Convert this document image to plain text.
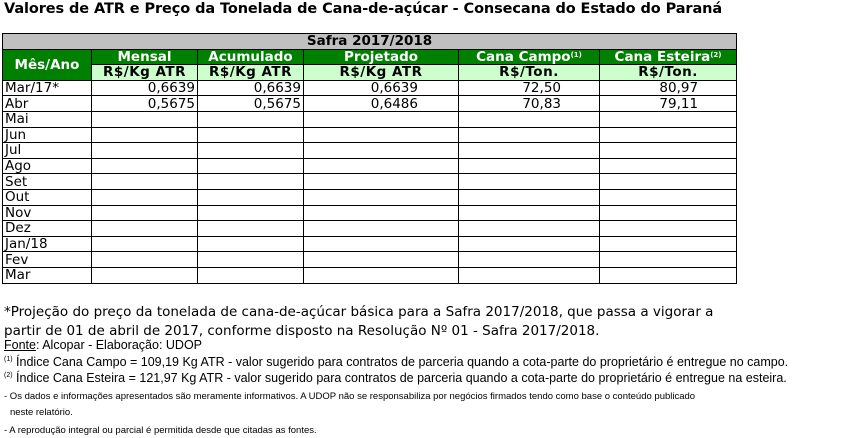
Valores de ATR e Preço da Tonelada de Cana-de-açúcar - Consecana do Estado do Paraná
Safra 2017/2018					
Mês/Ano	Mensal	Acumulado	Projetado	Cana Campo$^{(1)}$	Cana Esteira$^{(2)}$
	R$/Kg ATR	R$/Kg ATR	R$/Kg ATR	R$/Ton.	R$/Ton.
Mar/17*	0,6639	0,6639	0,6639	72,50	80,97
Abr	0,5675	0,5675	0,6486	70,83	79,11
Mai					
Jun					
Jul					
Ago					
Set					
Out					
Nov					
Dez					
Jan/18					
Fev					
Mar					

*Projeção do preço da tonelada de cana-de-açúcar básica para a Safra 2017/2018, que passa a vigorar a

partir de 01 de abril de 2017, conforme disposto na Resolução Nº 01 - Safra 2017/2018.

Fonte: Alcopar - Elaboração: UDOP

$^{(1)}$ Índice Cana Campo = 109,19 Kg ATR - valor sugerido para contratos de parceria quando a cota-parte do proprietário é entregue no campo.

$^{(2)}$ Índice Cana Esteira = 121,97 Kg ATR - valor sugerido para contratos de parceria quando a cota-parte do proprietário é entregue na esteira.

- Os dados e informações apresentados são meramente informativos. A UDOP não se responsabiliza por negócios firmados tendo como base o conteúdo publicado
neste relatório.
- A reprodução integral ou parcial é permitida desde que citadas as fontes.
